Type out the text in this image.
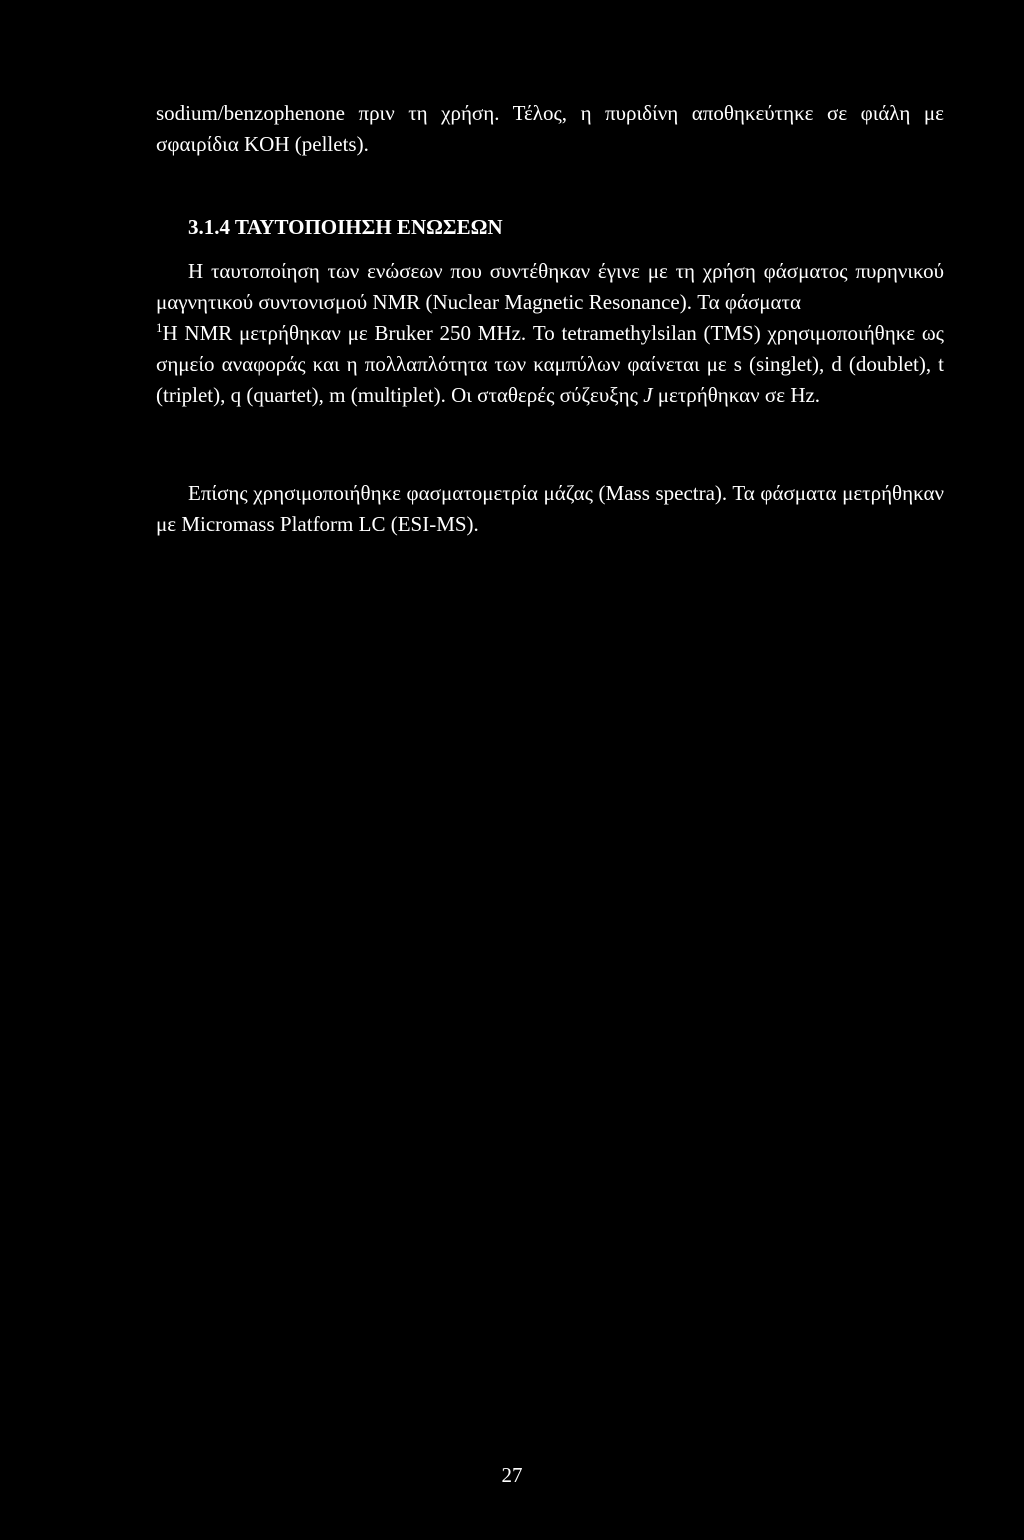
sodium/benzophenone πριν τη χρήση. Τέλος, η πυριδίνη αποθηκεύτηκε σε φιάλη με σφαιρίδια KOH (pellets).
3.1.4 ΤΑΥΤΟΠΟΙΗΣΗ ΕΝΩΣΕΩΝ
Η ταυτοποίηση των ενώσεων που συντέθηκαν έγινε με τη χρήση φάσματος πυρηνικού μαγνητικού συντονισμού NMR (Nuclear Magnetic Resonance). Τα φάσματα
$^1$H NMR μετρήθηκαν με Bruker 250 MHz. Το tetramethylsilan (TMS) χρησιμοποιήθηκε ως σημείο αναφοράς και η πολλαπλότητα των καμπύλων φαίνεται με s (singlet), d (doublet), t (triplet), q (quartet), m (multiplet). Οι σταθερές σύζευξης J μετρήθηκαν σε Hz.
Επίσης χρησιμοποιήθηκε φασματομετρία μάζας (Mass spectra). Τα φάσματα μετρήθηκαν με Micromass Platform LC (ESI-MS).
27
